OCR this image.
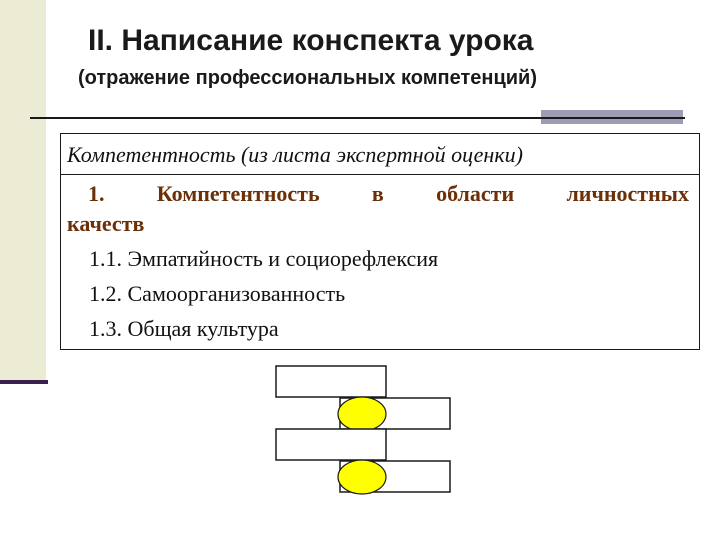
II. Написание конспекта урока
(отражение профессиональных компетенций)
Компетентность (из листа экспертной оценки)
1. Компетентность в области личностных
качеств
1.1. Эмпатийность и социорефлексия
1.2. Самоорганизованность
1.3. Общая культура
